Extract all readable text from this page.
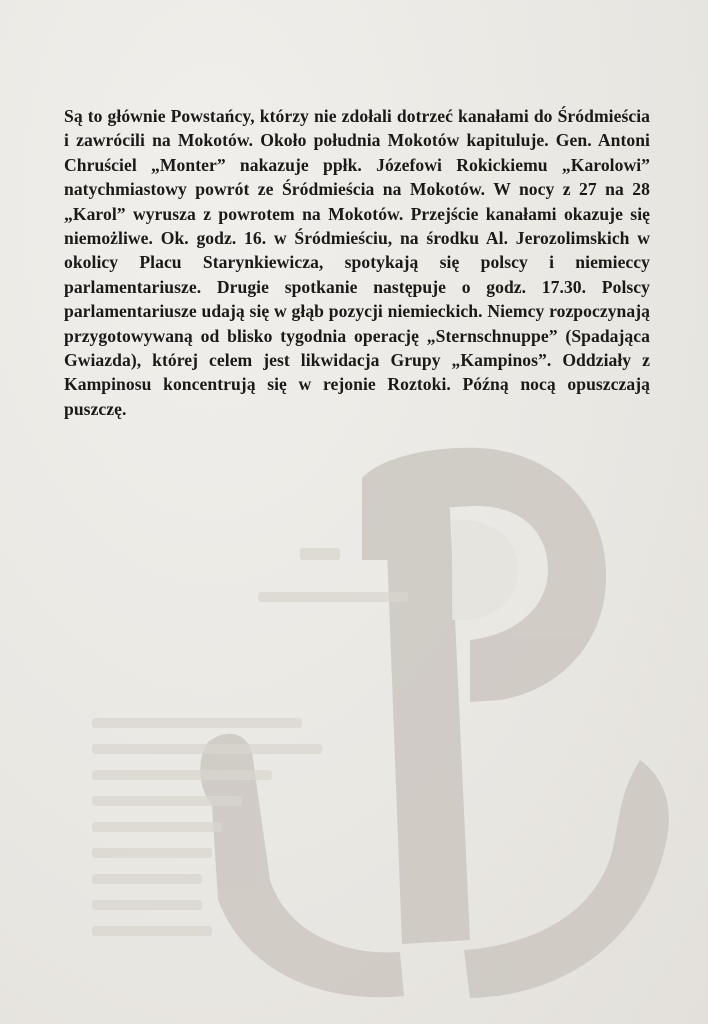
Są to głównie Powstańcy, którzy nie zdołali dotrzeć kanałami do Śródmieścia i zawrócili na Mokotów. Około południa Mokotów kapituluje. Gen. Antoni Chruściel „Monter” nakazuje ppłk. Józefowi Rokickiemu „Karolowi” natychmiastowy powrót ze Śródmieścia na Mokotów. W nocy z 27 na 28 „Karol” wyrusza z powrotem na Mokotów. Przejście kanałami okazuje się niemożliwe. Ok. godz. 16. w Śródmieściu, na środku Al. Jerozolimskich w okolicy Placu Starynkiewicza, spotykają się polscy i niemieccy parlamentariusze. Drugie spotkanie następuje o godz. 17.30. Polscy parlamentariusze udają się w głąb pozycji niemieckich. Niemcy rozpoczynają przygotowywaną od blisko tygodnia operację „Sternschnuppe” (Spadająca Gwiazda), której celem jest likwidacja Grupy „Kampinos”. Oddziały z Kampinosu koncentrują się w rejonie Roztoki. Późną nocą opuszczają puszczę.
